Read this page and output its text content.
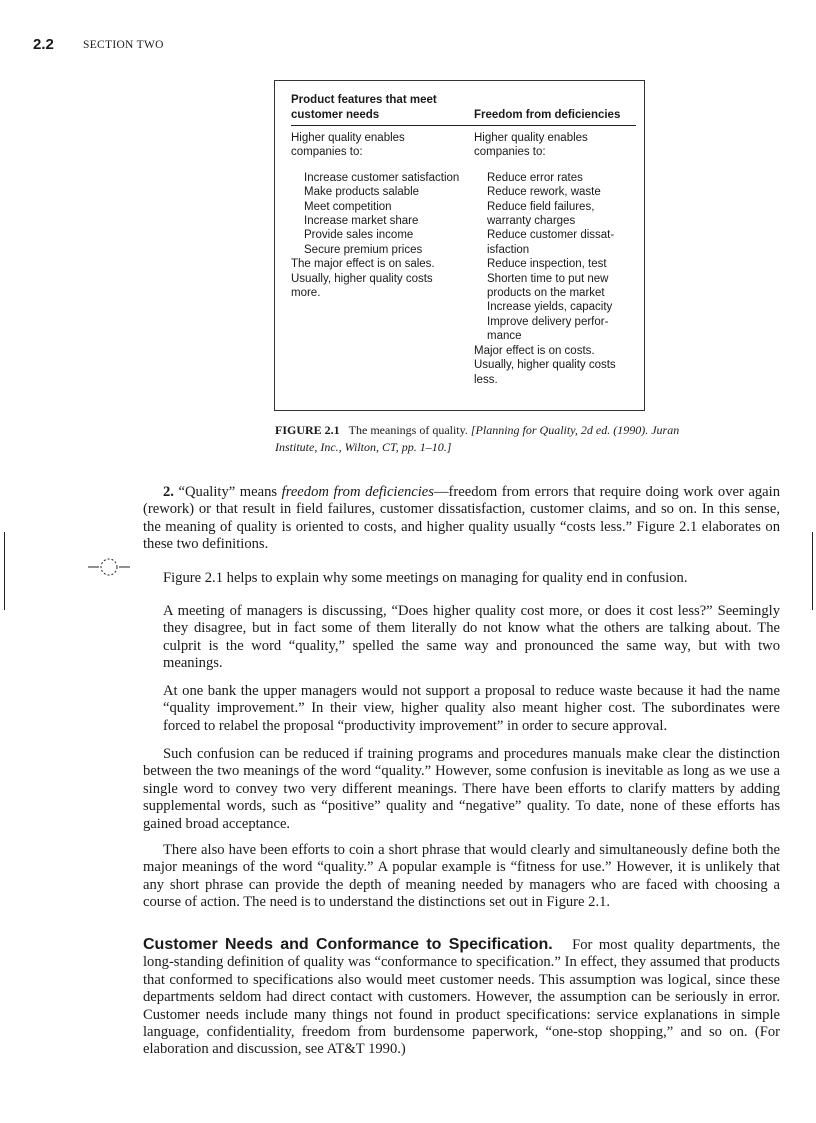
2.2	SECTION TWO
Product features that meet customer needs

Higher quality enables companies to:

Increase customer satisfaction
Make products salable
Meet competition
Increase market share
Provide sales income
Secure premium prices

The major effect is on sales.

Usually, higher quality costs more.

Freedom from deficiencies

Higher quality enables companies to:

Reduce error rates
Reduce rework, waste
Reduce field failures, warranty charges
Reduce customer dissat-isfaction
Reduce inspection, test
Shorten time to put new products on the market
Increase yields, capacity
Improve delivery perfor-mance

Major effect is on costs.

Usually, higher quality costs less.

FIGURE 2.1 The meanings of quality. [Planning for Quality, 2d ed. (1990). Juran Institute, Inc., Wilton, CT, pp. 1–10.]

2. “Quality” means freedom from deficiencies—freedom from errors that require doing work over again (rework) or that result in field failures, customer dissatisfaction, customer claims, and so on. In this sense, the meaning of quality is oriented to costs, and higher quality usually “costs less.” Figure 2.1 elaborates on these two definitions.

Figure 2.1 helps to explain why some meetings on managing for quality end in confusion.

A meeting of managers is discussing, “Does higher quality cost more, or does it cost less?” Seemingly they disagree, but in fact some of them literally do not know what the others are talking about. The culprit is the word “quality,” spelled the same way and pronounced the same way, but with two meanings.

At one bank the upper managers would not support a proposal to reduce waste because it had the name “quality improvement.” In their view, higher quality also meant higher cost. The subordinates were forced to relabel the proposal “productivity improvement” in order to secure approval.

Such confusion can be reduced if training programs and procedures manuals make clear the distinction between the two meanings of the word “quality.” However, some confusion is inevitable as long as we use a single word to convey two very different meanings. There have been efforts to clarify matters by adding supplemental words, such as “positive” quality and “negative” quality. To date, none of these efforts has gained broad acceptance.

There also have been efforts to coin a short phrase that would clearly and simultaneously define both the major meanings of the word “quality.” A popular example is “fitness for use.” However, it is unlikely that any short phrase can provide the depth of meaning needed by managers who are faced with choosing a course of action. The need is to understand the distinctions set out in Figure 2.1.

Customer Needs and Conformance to Specification. For most quality departments, the long-standing definition of quality was “conformance to specification.” In effect, they assumed that products that conformed to specifications also would meet customer needs. This assumption was logical, since these departments seldom had direct contact with customers. However, the assumption can be seriously in error. Customer needs include many things not found in product specifications: service explanations in simple language, confidentiality, freedom from burdensome paperwork, “one-stop shopping,” and so on. (For elaboration and discussion, see AT&T 1990.)
